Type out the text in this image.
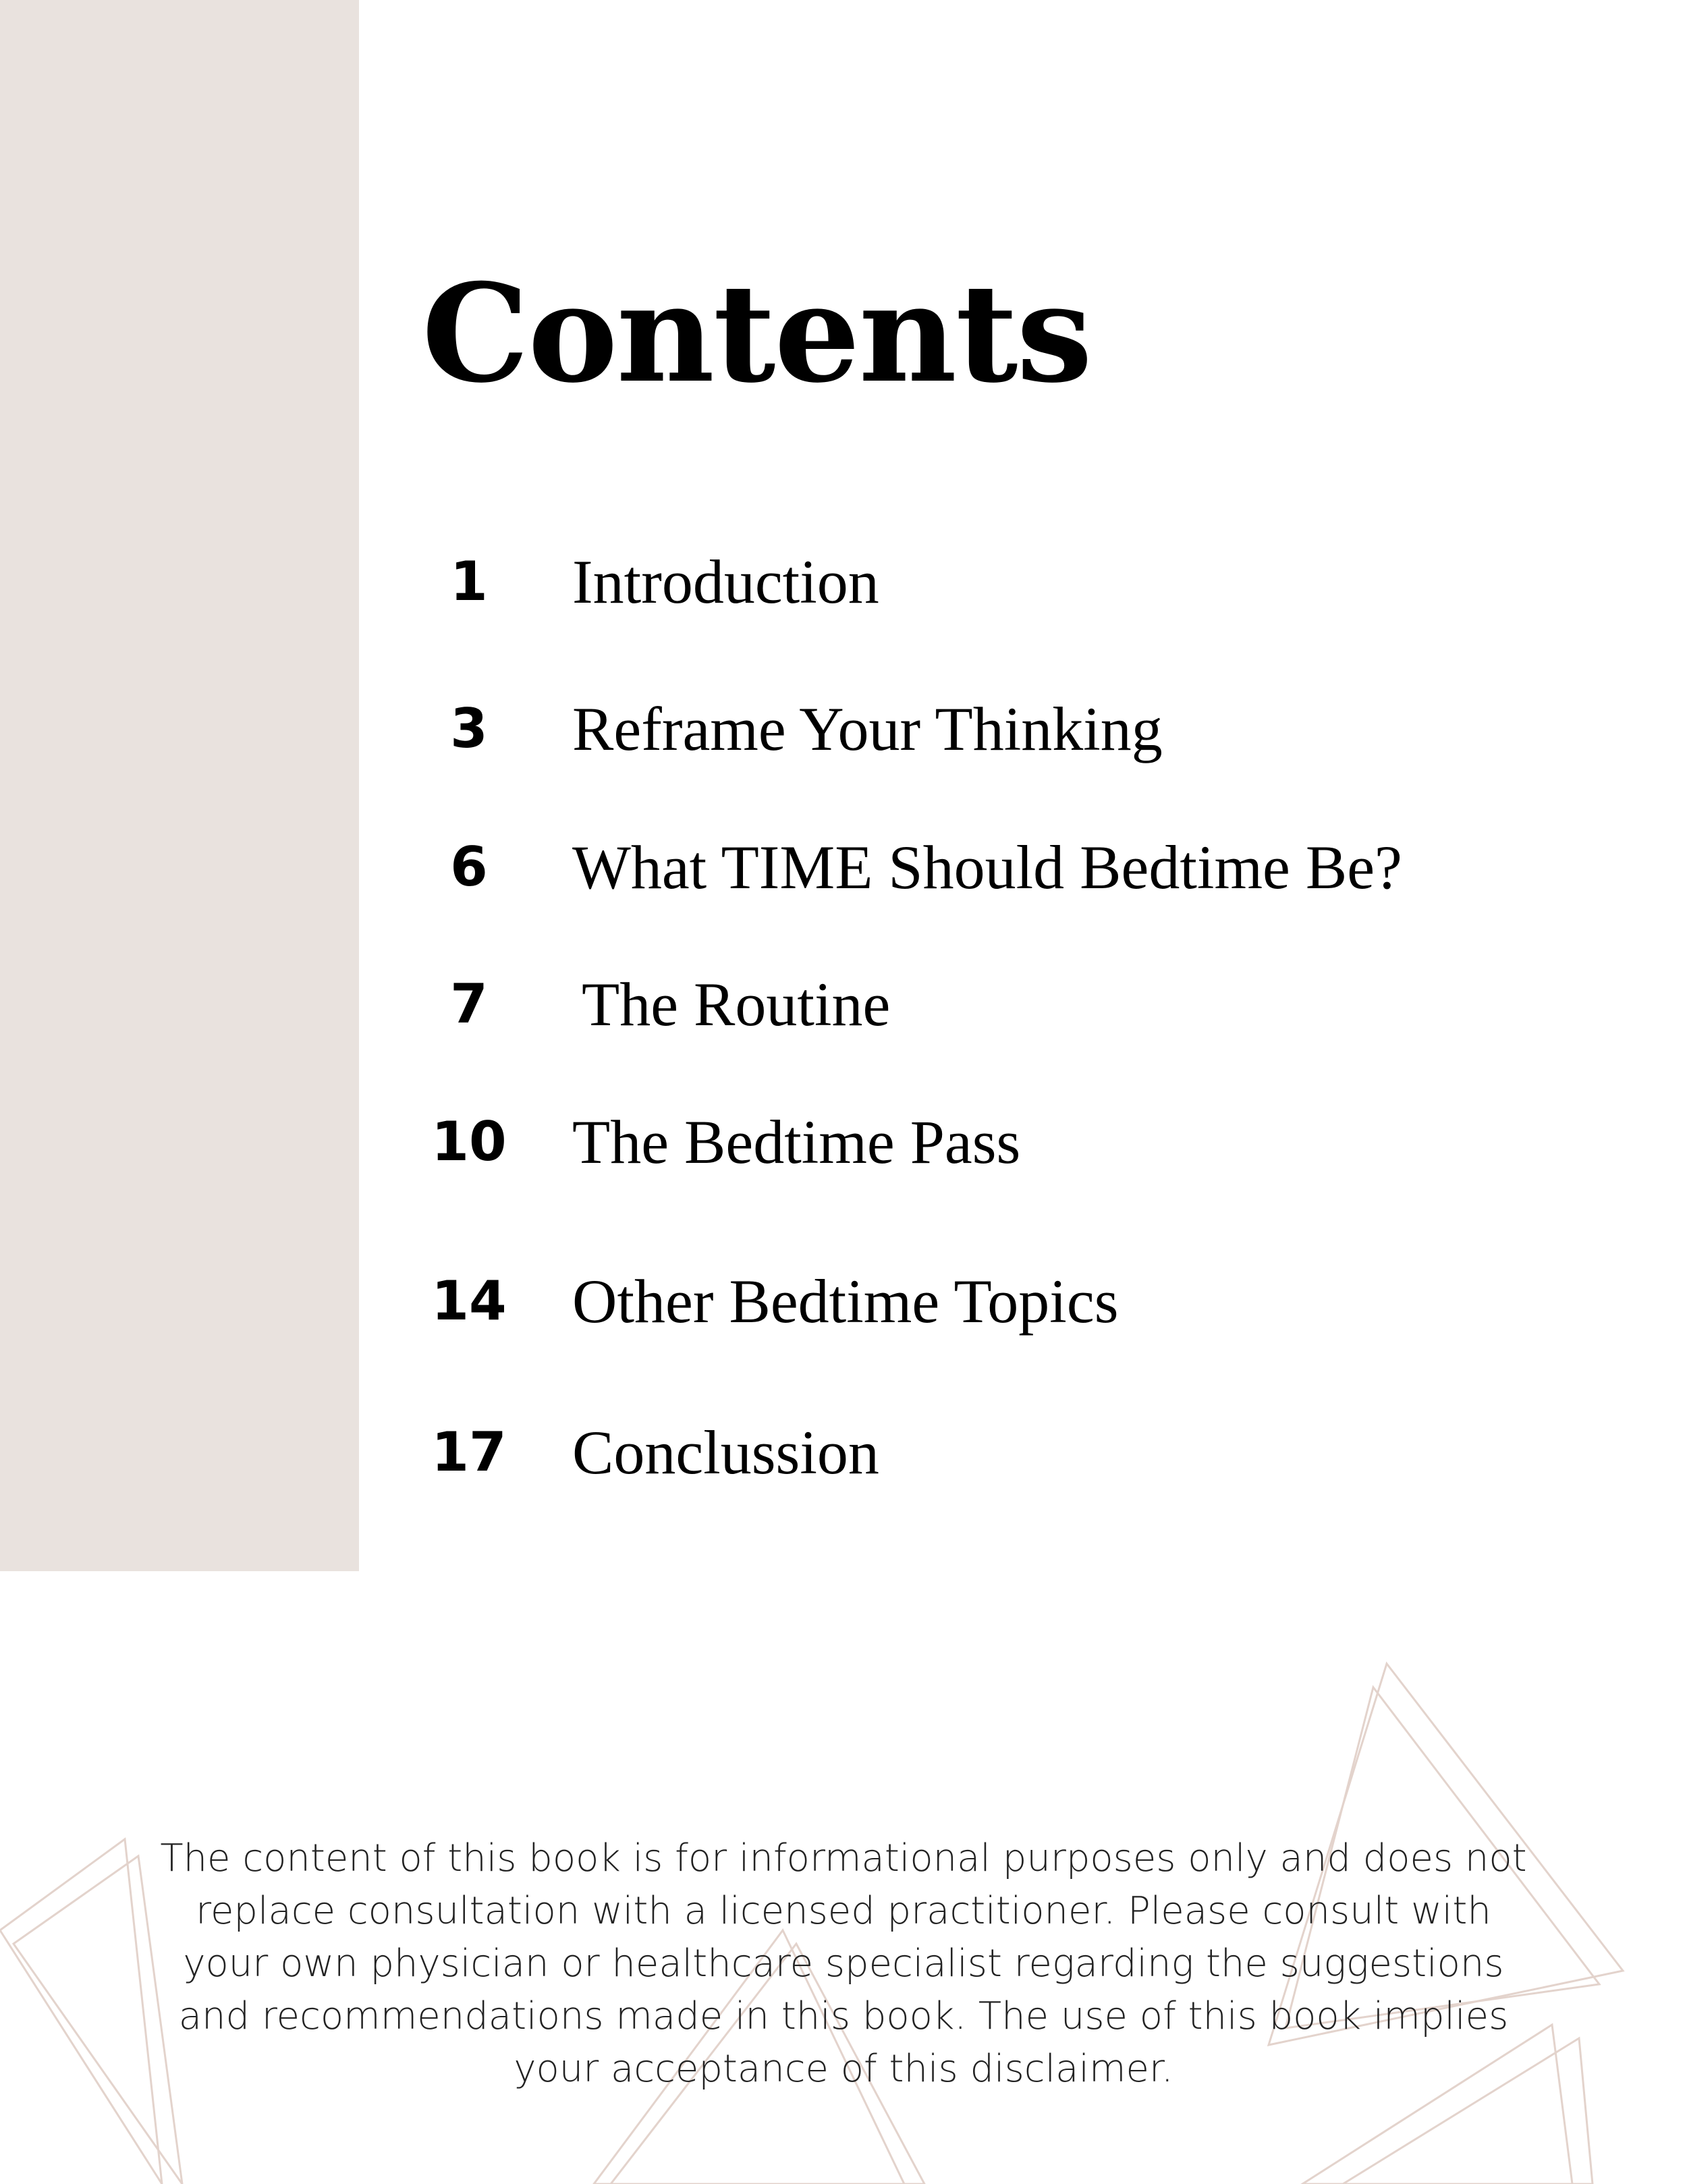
Contents
1	Introduction
3	Reframe Your Thinking
6	What TIME Should Bedtime Be?
7	The Routine
10	The Bedtime Pass
14	Other Bedtime Topics
17	Conclussion

The content of this book is for informational purposes only and does not replace consultation with a licensed practitioner. Please consult with your own physician or healthcare specialist regarding the suggestions and recommendations made in this book. The use of this book implies your acceptance of this disclaimer.
